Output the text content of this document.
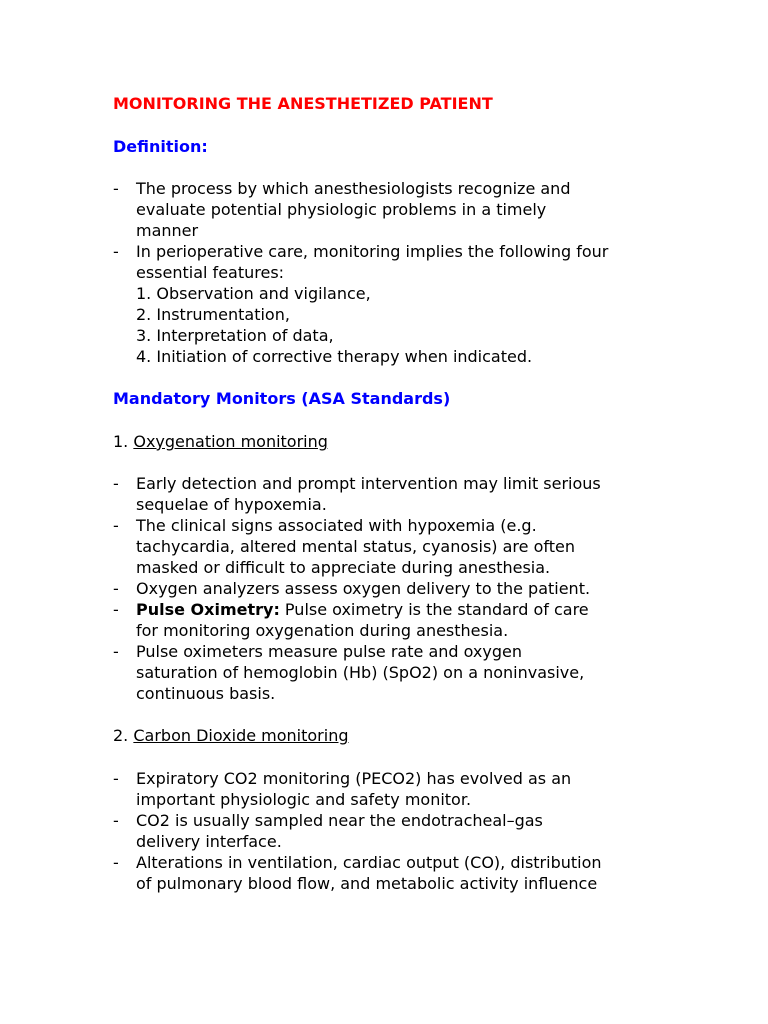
MONITORING THE ANESTHETIZED PATIENT
Definition:
- The process by which anesthesiologists recognize and
evaluate potential physiologic problems in a timely
manner
- In perioperative care, monitoring implies the following four
essential features:
1. Observation and vigilance,
2. Instrumentation,
3. Interpretation of data,
4. Initiation of corrective therapy when indicated.
Mandatory Monitors (ASA Standards)
1. Oxygenation monitoring
- Early detection and prompt intervention may limit serious
sequelae of hypoxemia.
- The clinical signs associated with hypoxemia (e.g.
tachycardia, altered mental status, cyanosis) are often
masked or difficult to appreciate during anesthesia.
- Oxygen analyzers assess oxygen delivery to the patient.
- Pulse Oximetry: Pulse oximetry is the standard of care
for monitoring oxygenation during anesthesia.
- Pulse oximeters measure pulse rate and oxygen
saturation of hemoglobin (Hb) (SpO2) on a noninvasive,
continuous basis.
2. Carbon Dioxide monitoring
- Expiratory CO2 monitoring (PECO2) has evolved as an
important physiologic and safety monitor.
- CO2 is usually sampled near the endotracheal–gas
delivery interface.
- Alterations in ventilation, cardiac output (CO), distribution
of pulmonary blood flow, and metabolic activity influence
